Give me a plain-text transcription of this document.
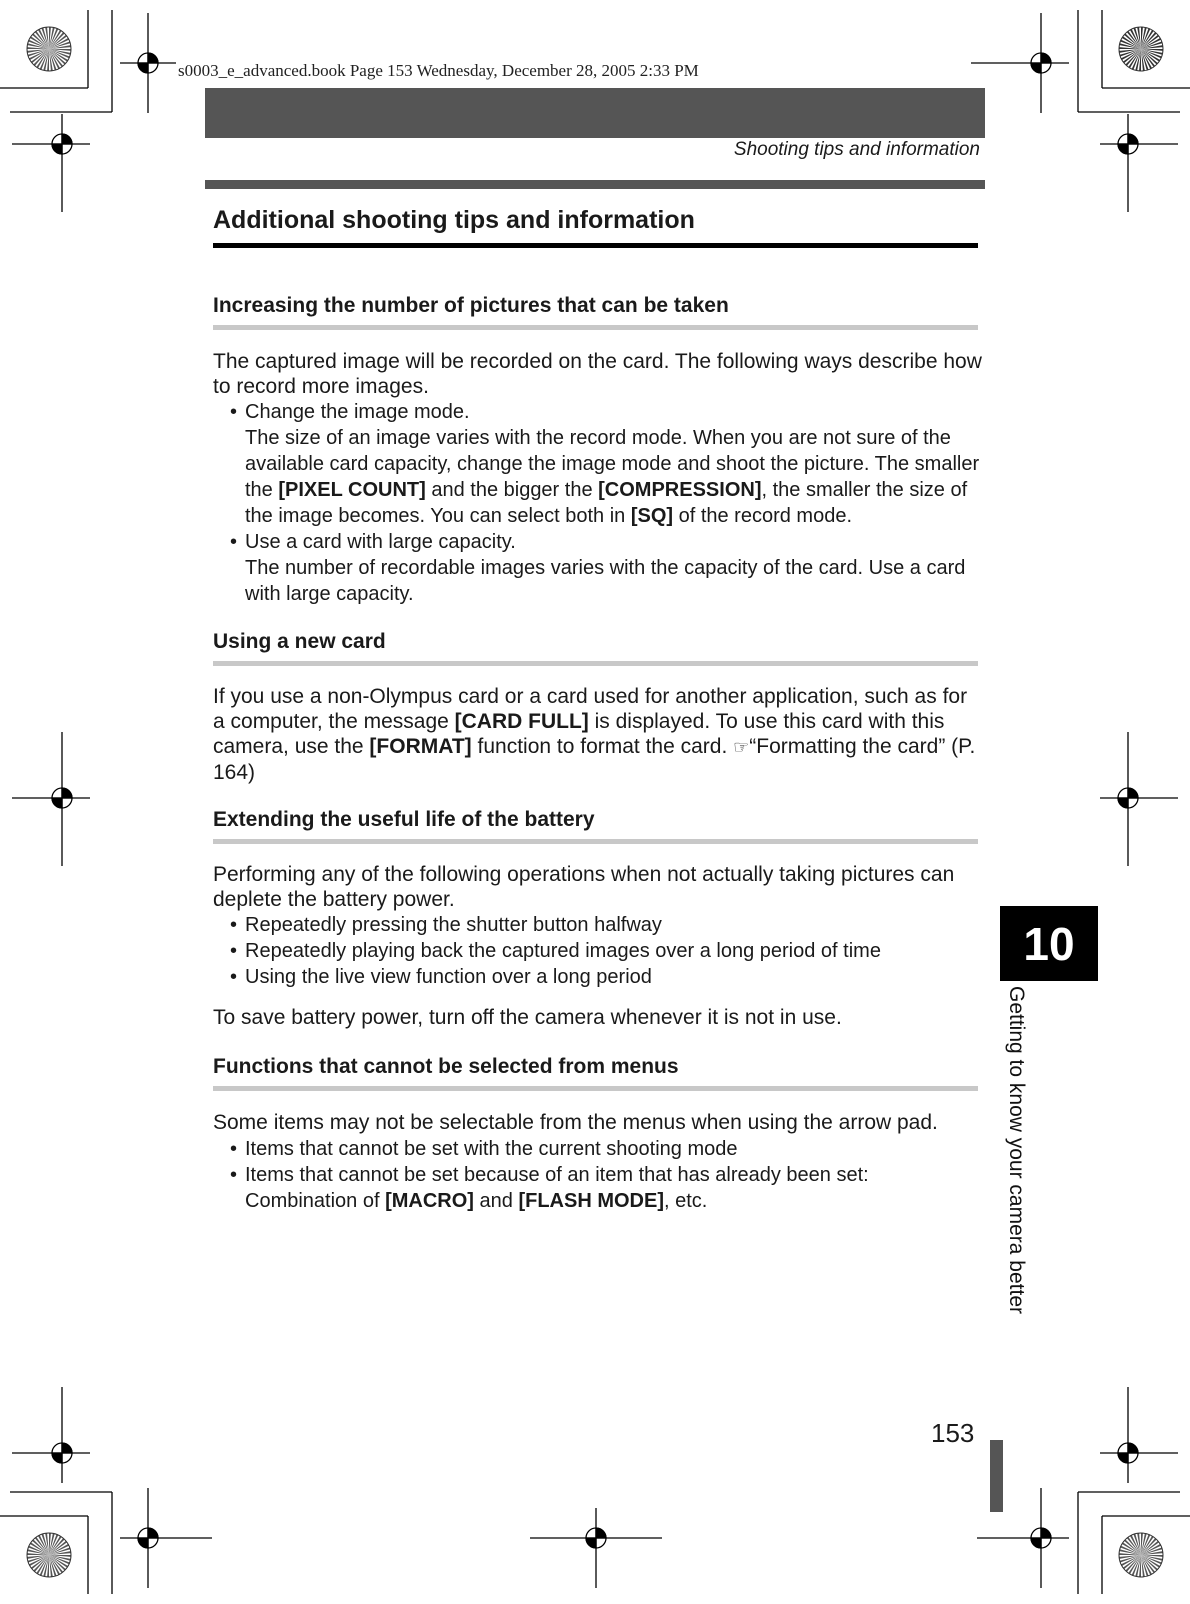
s0003_e_advanced.book Page 153 Wednesday, December 28, 2005 2:33 PM
Shooting tips and information
Additional shooting tips and information
Increasing the number of pictures that can be taken
The captured image will be recorded on the card. The following ways describe how to record more images.
• Change the image mode.
The size of an image varies with the record mode. When you are not sure of the available card capacity, change the image mode and shoot the picture. The smaller the [PIXEL COUNT] and the bigger the [COMPRESSION], the smaller the size of the image becomes. You can select both in [SQ] of the record mode.
• Use a card with large capacity.
The number of recordable images varies with the capacity of the card. Use a card with large capacity.
Using a new card
If you use a non-Olympus card or a card used for another application, such as for a computer, the message [CARD FULL] is displayed. To use this card with this camera, use the [FORMAT] function to format the card. ☞“Formatting the card” (P. 164)
Extending the useful life of the battery
Performing any of the following operations when not actually taking pictures can deplete the battery power.
• Repeatedly pressing the shutter button halfway
• Repeatedly playing back the captured images over a long period of time
• Using the live view function over a long period
To save battery power, turn off the camera whenever it is not in use.
Functions that cannot be selected from menus
Some items may not be selectable from the menus when using the arrow pad.
• Items that cannot be set with the current shooting mode
• Items that cannot be set because of an item that has already been set:
Combination of [MACRO] and [FLASH MODE], etc.
10
Getting to know your camera better
153
